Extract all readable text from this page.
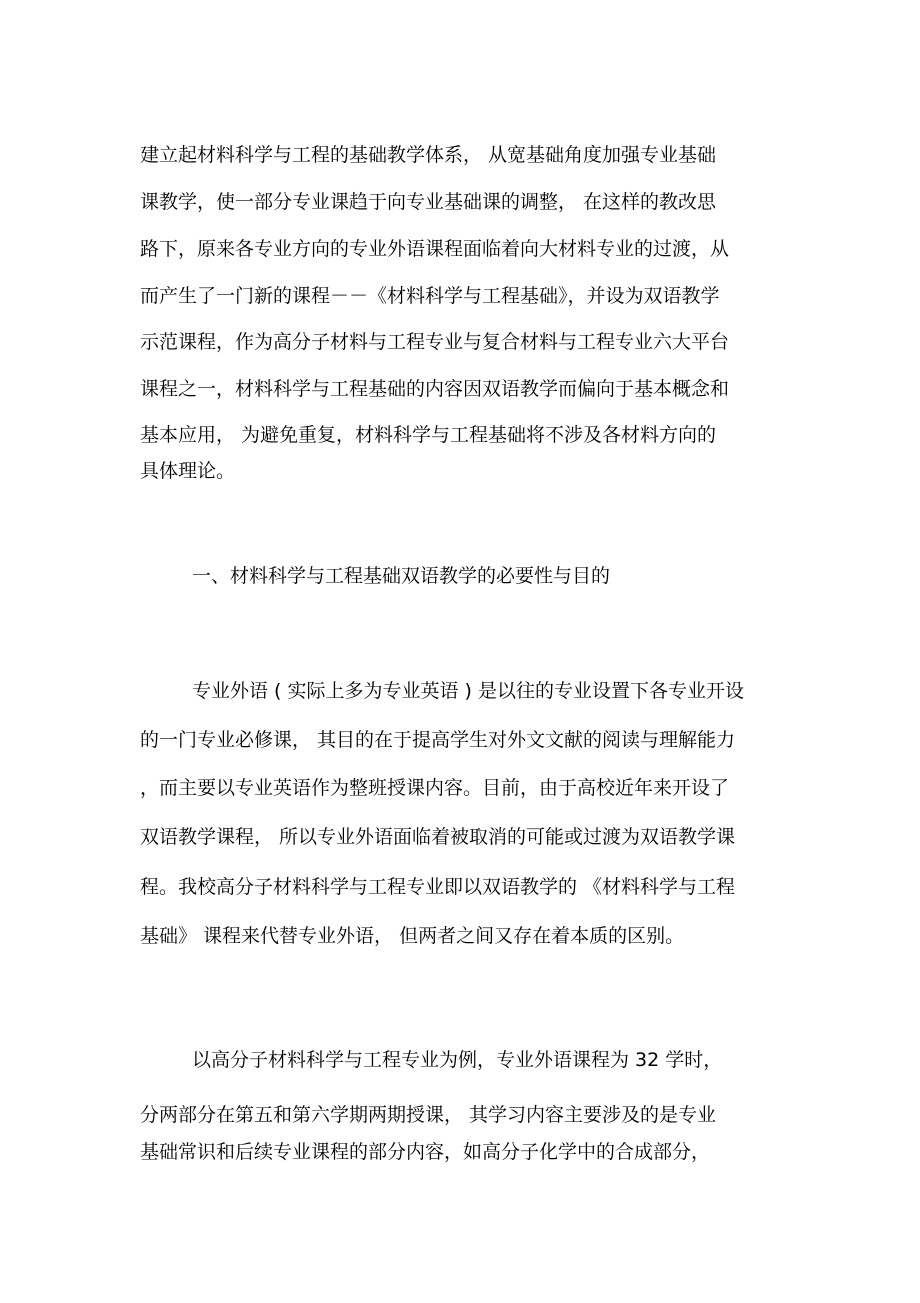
建立起材料科学与工程的基础教学体系， 从宽基础角度加强专业基础
课教学，使一部分专业课趋于向专业基础课的调整， 在这样的教改思
路下，原来各专业方向的专业外语课程面临着向大材料专业的过渡，从
而产生了一门新的课程－－《材料科学与工程基础》，并设为双语教学
示范课程，作为高分子材料与工程专业与复合材料与工程专业六大平台
课程之一，材料科学与工程基础的内容因双语教学而偏向于基本概念和
基本应用， 为避免重复，材料科学与工程基础将不涉及各材料方向的
具体理论。
一、材料科学与工程基础双语教学的必要性与目的
专业外语 ( 实际上多为专业英语 ) 是以往的专业设置下各专业开设
的一门专业必修课， 其目的在于提高学生对外文文献的阅读与理解能力
，而主要以专业英语作为整班授课内容。目前，由于高校近年来开设了
双语教学课程， 所以专业外语面临着被取消的可能或过渡为双语教学课
程。我校高分子材料科学与工程专业即以双语教学的 《材料科学与工程
基础》 课程来代替专业外语， 但两者之间又存在着本质的区别。
以高分子材料科学与工程专业为例，专业外语课程为 32 学时，
分两部分在第五和第六学期两期授课， 其学习内容主要涉及的是专业
基础常识和后续专业课程的部分内容，如高分子化学中的合成部分，
